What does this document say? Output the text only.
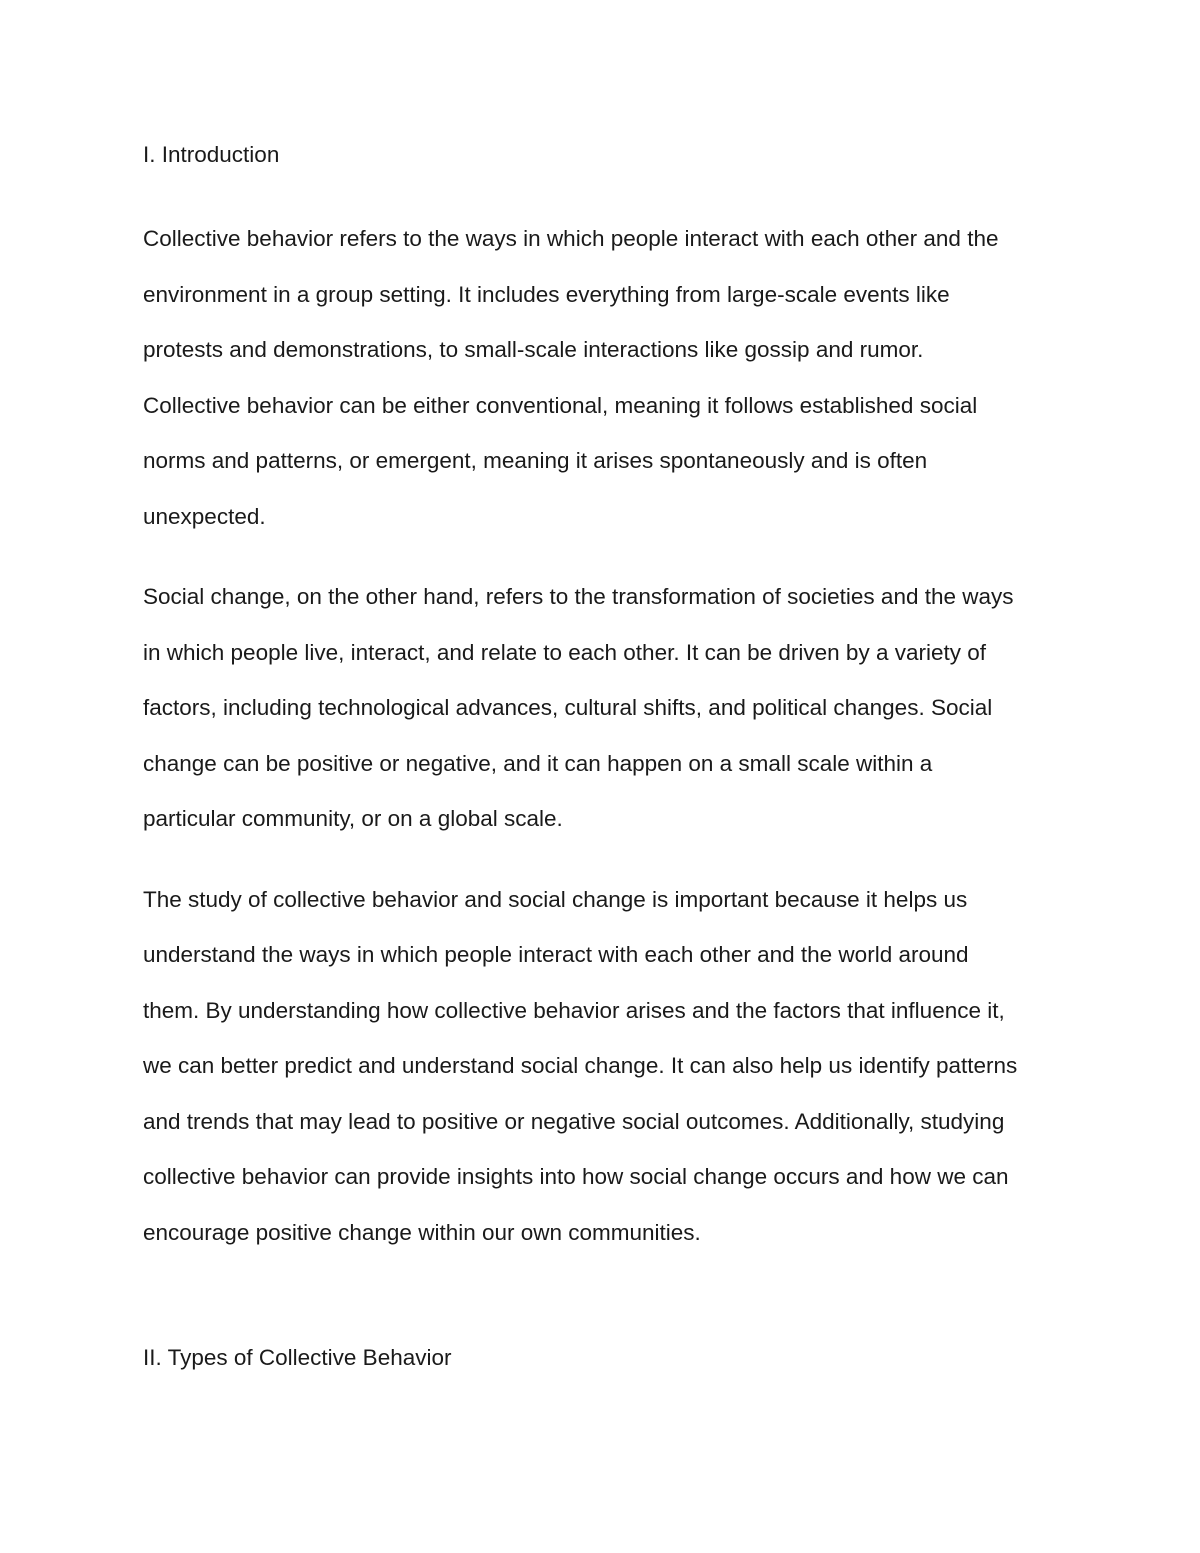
I. Introduction

Collective behavior refers to the ways in which people interact with each other and the
environment in a group setting. It includes everything from large-scale events like
protests and demonstrations, to small-scale interactions like gossip and rumor.
Collective behavior can be either conventional, meaning it follows established social
norms and patterns, or emergent, meaning it arises spontaneously and is often
unexpected.

Social change, on the other hand, refers to the transformation of societies and the ways
in which people live, interact, and relate to each other. It can be driven by a variety of
factors, including technological advances, cultural shifts, and political changes. Social
change can be positive or negative, and it can happen on a small scale within a
particular community, or on a global scale.

The study of collective behavior and social change is important because it helps us
understand the ways in which people interact with each other and the world around
them. By understanding how collective behavior arises and the factors that influence it,
we can better predict and understand social change. It can also help us identify patterns
and trends that may lead to positive or negative social outcomes. Additionally, studying
collective behavior can provide insights into how social change occurs and how we can
encourage positive change within our own communities.

II. Types of Collective Behavior
